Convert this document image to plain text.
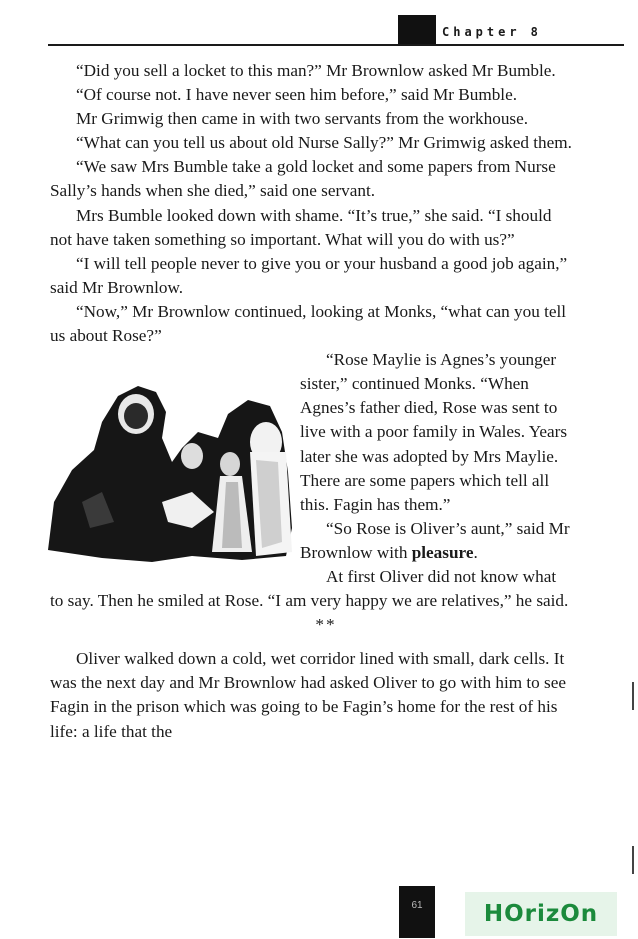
Chapter 8

“Did you sell a locket to this man?” Mr Brownlow asked Mr Bumble.

“Of course not. I have never seen him before,” said Mr Bumble.

Mr Grimwig then came in with two servants from the workhouse.

“What can you tell us about old Nurse Sally?” Mr Grimwig asked them.

“We saw Mrs Bumble take a gold locket and some papers from Nurse Sally’s hands when she died,” said one servant.

Mrs Bumble looked down with shame. “It’s true,” she said. “I should not have taken something so important. What will you do with us?”

“I will tell people never to give you or your husband a good job again,” said Mr Brownlow.

“Now,” Mr Brownlow continued, looking at Monks, “what can you tell us about Rose?”

“Rose Maylie is Agnes’s younger sister,” continued Monks. “When Agnes’s father died, Rose was sent to live with a poor family in Wales. Years later she was adopted by Mrs Maylie. There are some papers which tell all this. Fagin has them.”

“So Rose is Oliver’s aunt,” said Mr Brownlow with pleasure.

At first Oliver did not know what to say. Then he smiled at Rose. “I am very happy we are relatives,” he said.

**

Oliver walked down a cold, wet corridor lined with small, dark cells. It was the next day and Mr Brownlow had asked Oliver to go with him to see Fagin in the prison which was going to be Fagin’s home for the rest of his life: a life that the

61	HOrizOn
